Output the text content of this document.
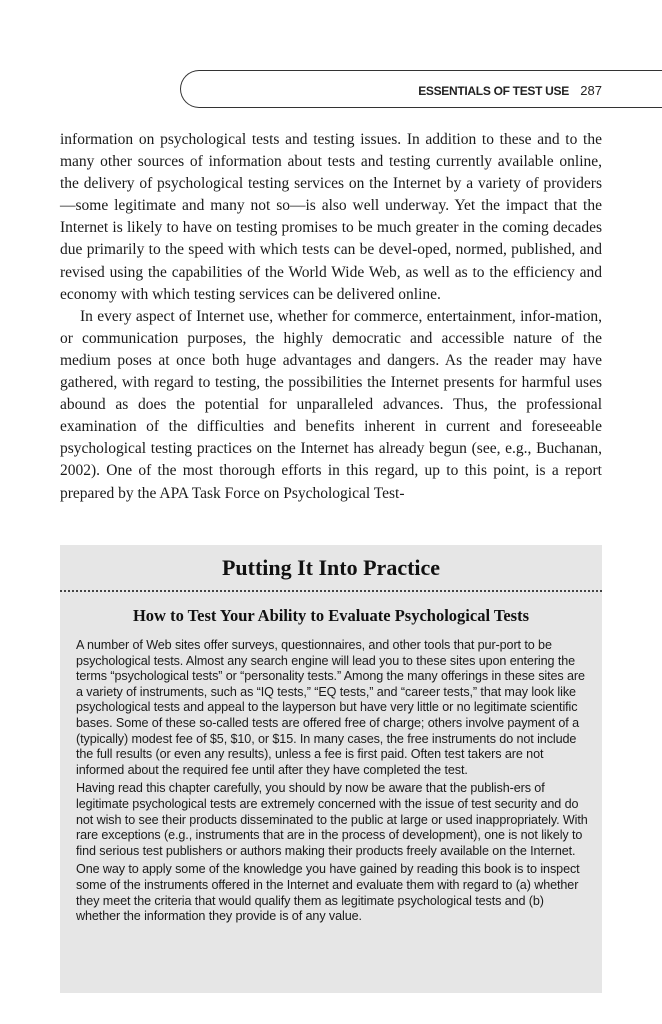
ESSENTIALS OF TEST USE 287

information on psychological tests and testing issues. In addition to these and to the many other sources of information about tests and testing currently available online, the delivery of psychological testing services on the Internet by a variety of providers—some legitimate and many not so—is also well underway. Yet the impact that the Internet is likely to have on testing promises to be much greater in the coming decades due primarily to the speed with which tests can be devel-oped, normed, published, and revised using the capabilities of the World Wide Web, as well as to the efficiency and economy with which testing services can be delivered online.

In every aspect of Internet use, whether for commerce, entertainment, infor-mation, or communication purposes, the highly democratic and accessible nature of the medium poses at once both huge advantages and dangers. As the reader may have gathered, with regard to testing, the possibilities the Internet presents for harmful uses abound as does the potential for unparalleled advances. Thus, the professional examination of the difficulties and benefits inherent in current and foreseeable psychological testing practices on the Internet has already begun (see, e.g., Buchanan, 2002). One of the most thorough efforts in this regard, up to this point, is a report prepared by the APA Task Force on Psychological Test-

Putting It Into Practice
How to Test Your Ability to Evaluate Psychological Tests

A number of Web sites offer surveys, questionnaires, and other tools that pur-port to be psychological tests. Almost any search engine will lead you to these sites upon entering the terms “psychological tests” or “personality tests.” Among the many offerings in these sites are a variety of instruments, such as “IQ tests,” “EQ tests,” and “career tests,” that may look like psychological tests and appeal to the layperson but have very little or no legitimate scientific bases. Some of these so-called tests are offered free of charge; others involve payment of a (typically) modest fee of $5, $10, or $15. In many cases, the free instruments do not include the full results (or even any results), unless a fee is first paid. Often test takers are not informed about the required fee until after they have completed the test.

Having read this chapter carefully, you should by now be aware that the publish-ers of legitimate psychological tests are extremely concerned with the issue of test security and do not wish to see their products disseminated to the public at large or used inappropriately. With rare exceptions (e.g., instruments that are in the process of development), one is not likely to find serious test publishers or authors making their products freely available on the Internet.

One way to apply some of the knowledge you have gained by reading this book is to inspect some of the instruments offered in the Internet and evaluate them with regard to (a) whether they meet the criteria that would qualify them as legitimate psychological tests and (b) whether the information they provide is of any value.
